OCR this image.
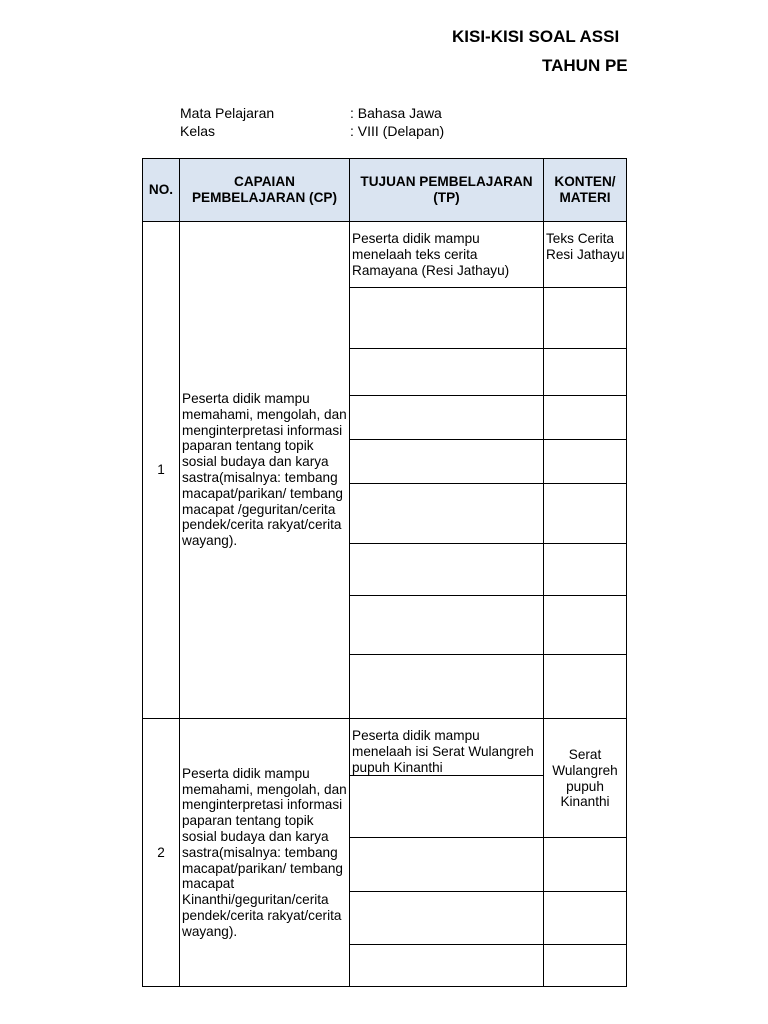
KISI-KISI SOAL ASSI
TAHUN PE
Mata Pelajaran	: Bahasa Jawa
Kelas	: VIII (Delapan)
NO.	CAPAIAN PEMBELAJARAN (CP)	TUJUAN PEMBELAJARAN (TP)	KONTEN/ MATERI
1	Peserta didik mampu memahami, mengolah, dan menginterpretasi informasi paparan tentang topik sosial budaya dan karya sastra(misalnya: tembang macapat/parikan/ tembang macapat /geguritan/cerita pendek/cerita rakyat/cerita wayang).	Peserta didik mampu menelaah teks cerita Ramayana (Resi Jathayu)	Teks Cerita Resi Jathayu

2	Peserta didik mampu memahami, mengolah, dan menginterpretasi informasi paparan tentang topik sosial budaya dan karya sastra(misalnya: tembang macapat/parikan/ tembang macapat Kinanthi/geguritan/cerita pendek/cerita rakyat/cerita wayang).	Peserta didik mampu menelaah isi Serat Wulangreh pupuh Kinanthi	Serat Wulangreh pupuh Kinanthi
